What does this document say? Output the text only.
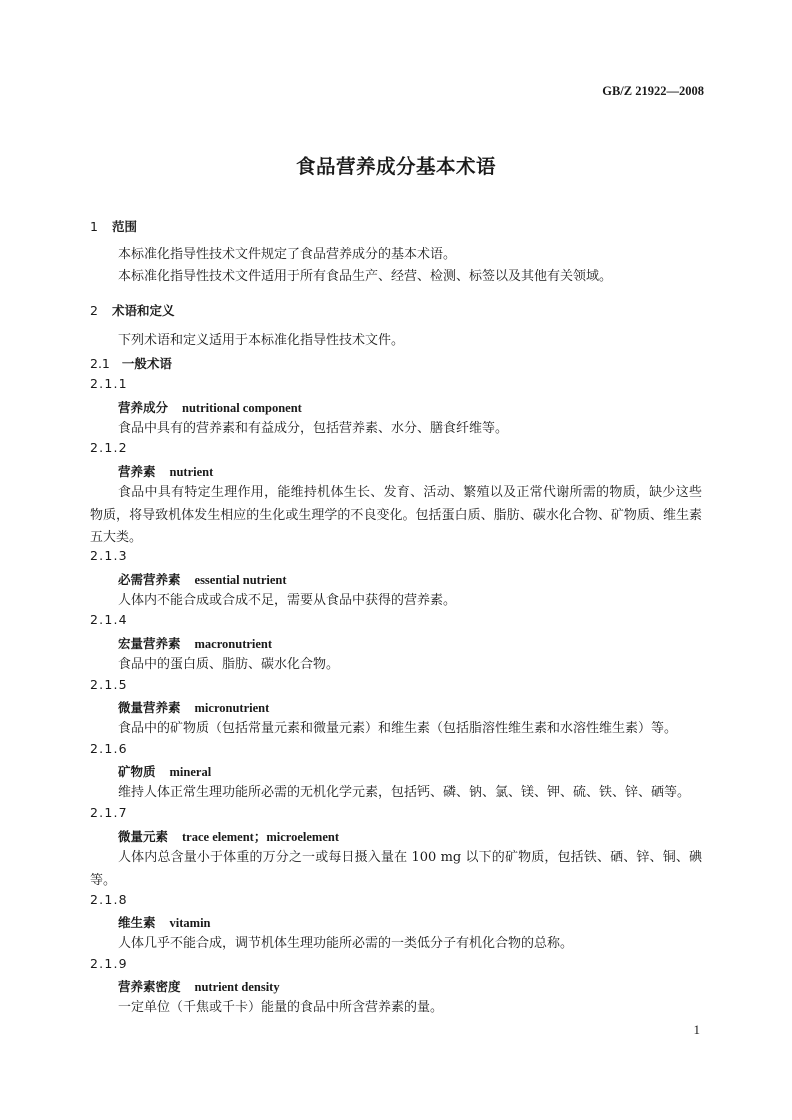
GB/Z 21922—2008
食品营养成分基本术语
1 范围
本标准化指导性技术文件规定了食品营养成分的基本术语。
本标准化指导性技术文件适用于所有食品生产、经营、检测、标签以及其他有关领域。
2 术语和定义
下列术语和定义适用于本标准化指导性技术文件。
2.1 一般术语
2.1.1
营养成分 nutritional component
食品中具有的营养素和有益成分，包括营养素、水分、膳食纤维等。
2.1.2
营养素 nutrient
食品中具有特定生理作用，能维持机体生长、发育、活动、繁殖以及正常代谢所需的物质，缺少这些物质，将导致机体发生相应的生化或生理学的不良变化。包括蛋白质、脂肪、碳水化合物、矿物质、维生素五大类。
2.1.3
必需营养素 essential nutrient
人体内不能合成或合成不足，需要从食品中获得的营养素。
2.1.4
宏量营养素 macronutrient
食品中的蛋白质、脂肪、碳水化合物。
2.1.5
微量营养素 micronutrient
食品中的矿物质（包括常量元素和微量元素）和维生素（包括脂溶性维生素和水溶性维生素）等。
2.1.6
矿物质 mineral
维持人体正常生理功能所必需的无机化学元素，包括钙、磷、钠、氯、镁、钾、硫、铁、锌、硒等。
2.1.7
微量元素 trace element；microelement
人体内总含量小于体重的万分之一或每日摄入量在 100 mg 以下的矿物质，包括铁、硒、锌、铜、碘等。
2.1.8
维生素 vitamin
人体几乎不能合成，调节机体生理功能所必需的一类低分子有机化合物的总称。
2.1.9
营养素密度 nutrient density
一定单位（千焦或千卡）能量的食品中所含营养素的量。
1
